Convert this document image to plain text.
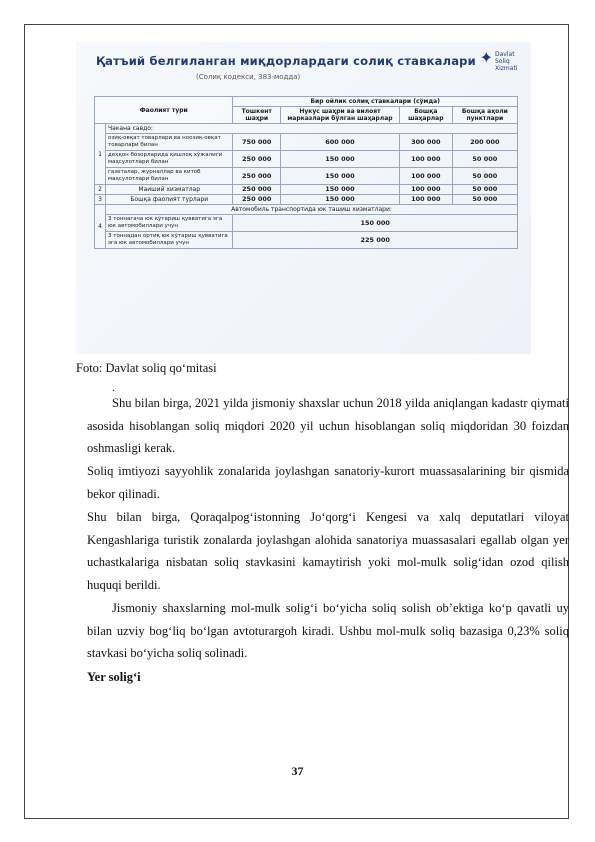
Қатъий белгиланган миқдорлардаги солиқ ставкалари
(Солиқ кодекси, 383-модда)
✦ Davlat
Soliq
Xizmati
Фаолият тури		Бир ойлик солиқ ставкалари (сўмда)			
		Тошкент шаҳри	Нукус шаҳри ва вилоят марказлари бўлган шаҳарлар	Бошқа шаҳарлар	Бошқа аҳоли пунктлари
1	Чакана савдо:				
	озиқ-овқат товарлари ва ноозиқ-овқат товарлари билан	750 000	600 000	300 000	200 000
	деҳқон бозорларида қишлоқ хўжалиги маҳсулотлари билан	250 000	150 000	100 000	50 000
	газеталар, журналлар ва китоб маҳсулотлари билан	250 000	150 000	100 000	50 000
2	Маиший хизматлар	250 000	150 000	100 000	50 000
3	Бошқа фаолият турлари	250 000	150 000	100 000	50 000
4	Автомобиль транспортида юк ташиш хизматлари:				
	3 тоннагача юк кўтариш қувватига эга юк автомобиллари учун	150 000			
	3 тоннадан ортиқ юк кўтариш қувватига эга юк автомобиллари учун	225 000			
Foto: Davlat soliq qo‘mitasi
.
Shu bilan birga, 2021 yilda jismoniy shaxslar uchun 2018 yilda aniqlangan kadastr qiymati asosida hisoblangan soliq miqdori 2020 yil uchun hisoblangan soliq miqdoridan 30 foizdan oshmasligi kerak.
Soliq imtiyozi sayyohlik zonalarida joylashgan sanatoriy-kurort muassasalarining bir qismida bekor qilinadi.
Shu bilan birga, Qoraqalpog‘istonning Jo‘qorg‘i Kengesi va xalq deputatlari viloyat Kengashlariga turistik zonalarda joylashgan alohida sanatoriya muassasalari egallab olgan yer uchastkalariga nisbatan soliq stavkasini kamaytirish yoki mol-mulk solig‘idan ozod qilish huquqi berildi.
Jismoniy shaxslarning mol-mulk solig‘i bo‘yicha soliq solish ob’ektiga ko‘p qavatli uy bilan uzviy bog‘liq bo‘lgan avtoturargoh kiradi. Ushbu mol-mulk soliq bazasiga 0,23% soliq stavkasi bo‘yicha soliq solinadi.
Yer solig‘i
37
